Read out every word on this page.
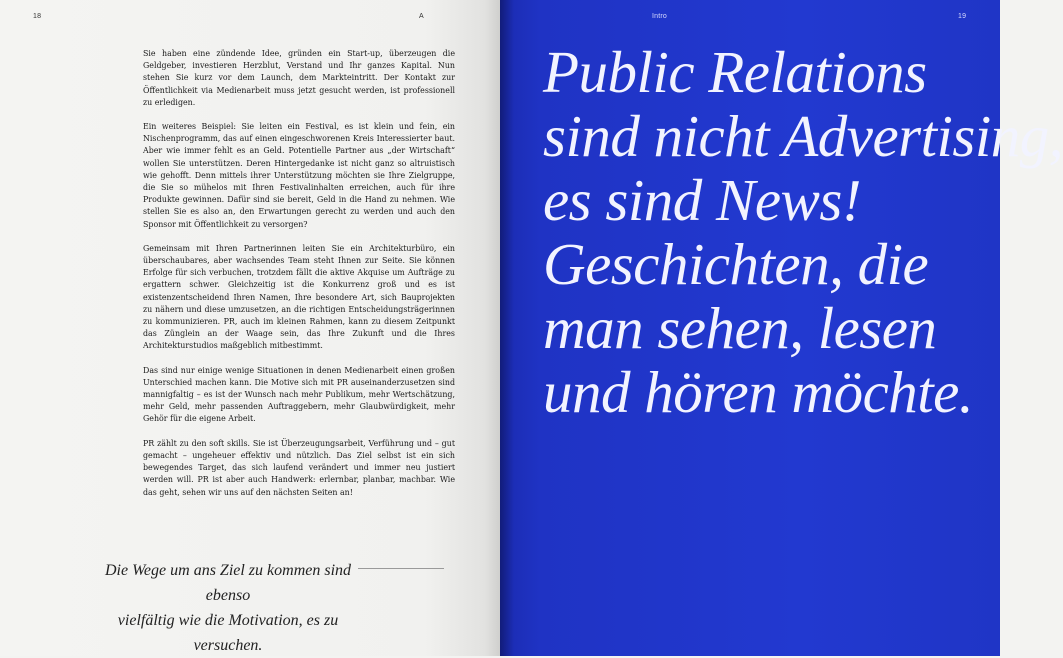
18	A

Sie haben eine zündende Idee, gründen ein Start-up, überzeugen die Geldgeber, investieren Herzblut, Verstand und Ihr ganzes Kapital. Nun stehen Sie kurz vor dem Launch, dem Markteintritt. Der Kontakt zur Öffentlichkeit via Medienarbeit muss jetzt gesucht werden, ist professionell zu erledigen.

Ein weiteres Beispiel: Sie leiten ein Festival, es ist klein und fein, ein Nischenprogramm, das auf einen eingeschworenen Kreis Interessierter baut. Aber wie immer fehlt es an Geld. Potentielle Partner aus „der Wirtschaft“ wollen Sie unterstützen. Deren Hintergedanke ist nicht ganz so altruistisch wie gehofft. Denn mittels ihrer Unterstützung möchten sie Ihre Zielgruppe, die Sie so mühelos mit Ihren Festivalinhalten erreichen, auch für ihre Produkte gewinnen. Dafür sind sie bereit, Geld in die Hand zu nehmen. Wie stellen Sie es also an, den Erwartungen gerecht zu werden und auch den Sponsor mit Öffentlichkeit zu versorgen?

Gemeinsam mit Ihren Partnerinnen leiten Sie ein Architekturbüro, ein überschaubares, aber wachsendes Team steht Ihnen zur Seite. Sie können Erfolge für sich verbuchen, trotzdem fällt die aktive Akquise um Aufträge zu ergattern schwer. Gleichzeitig ist die Konkurrenz groß und es ist existenzentscheidend Ihren Namen, Ihre besondere Art, sich Bauprojekten zu nähern und diese umzusetzen, an die richtigen Entscheidungsträgerinnen zu kommunizieren. PR, auch im kleinen Rahmen, kann zu diesem Zeitpunkt das Zünglein an der Waage sein, das Ihre Zukunft und die Ihres Architekturstudios maßgeblich mitbestimmt.

Das sind nur einige wenige Situationen in denen Medienarbeit einen großen Unterschied machen kann. Die Motive sich mit PR auseinanderzusetzen sind mannigfaltig – es ist der Wunsch nach mehr Publikum, mehr Wertschätzung, mehr Geld, mehr passenden Auftraggebern, mehr Glaubwürdigkeit, mehr Gehör für die eigene Arbeit.

PR zählt zu den soft skills. Sie ist Überzeugungsarbeit, Verführung und – gut gemacht – ungeheuer effektiv und nützlich. Das Ziel selbst ist ein sich bewegendes Target, das sich laufend verändert und immer neu justiert werden will. PR ist aber auch Handwerk: erlernbar, planbar, machbar. Wie das geht, sehen wir uns auf den nächsten Seiten an!

Die Wege um ans Ziel zu kommen sind ebenso
vielfältig wie die Motivation, es zu versuchen.
Intro	19
Public Relations
sind nicht Advertising,
es sind News!
Geschichten, die
man sehen, lesen
und hören möchte.
